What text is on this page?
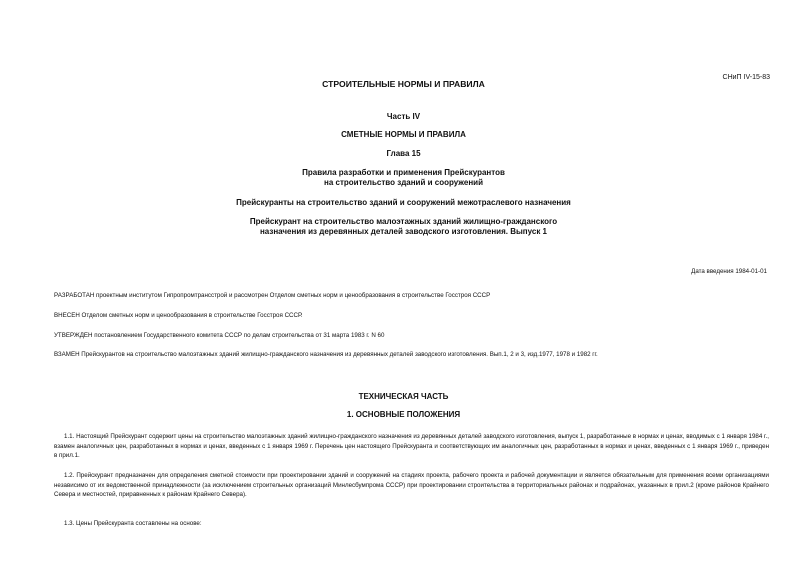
СНиП IV-15-83
СТРОИТЕЛЬНЫЕ НОРМЫ И ПРАВИЛА
Часть IV
СМЕТНЫЕ НОРМЫ И ПРАВИЛА
Глава 15
Правила разработки и применения Прейскурантов
на строительство зданий и сооружений
Прейскуранты на строительство зданий и сооружений межотраслевого назначения
Прейскурант на строительство малоэтажных зданий жилищно-гражданского
назначения из деревянных деталей заводского изготовления. Выпуск 1
Дата введения 1984-01-01
РАЗРАБОТАН проектным институтом Гипропромтрансстрой и рассмотрен Отделом сметных норм и ценообразования в строительстве Госстроя СССР
ВНЕСЕН Отделом сметных норм и ценообразования в строительстве Госстроя СССР.
УТВЕРЖДЕН постановлением Государственного комитета СССР по делам строительства от 31 марта 1983 г. N 60
ВЗАМЕН Прейскурантов на строительство малоэтажных зданий жилищно-гражданского назначения из деревянных деталей заводского изготовления. Вып.1, 2 и 3, изд.1977, 1978 и 1982 гг.
ТЕХНИЧЕСКАЯ ЧАСТЬ
1. ОСНОВНЫЕ ПОЛОЖЕНИЯ
1.1. Настоящий Прейскурант содержит цены на строительство малоэтажных зданий жилищно-гражданского назначения из деревянных деталей заводского изготовления, выпуск 1, разработанные в нормах и ценах, вводимых с 1 января 1984 г., взамен аналогичных цен, разработанных в нормах и ценах, введенных с 1 января 1969 г. Перечень цен настоящего Прейскуранта и соответствующих им аналогичных цен, разработанных в нормах и ценах, введенных с 1 января 1969 г., приведен в прил.1.
1.2. Прейскурант предназначен для определения сметной стоимости при проектировании зданий и сооружений на стадиях проекта, рабочего проекта и рабочей документации и является обязательным для применения всеми организациями независимо от их ведомственной принадлежности (за исключением строительных организаций Минлесбумпрома СССР) при проектировании строительства в территориальных районах и подрайонах, указанных в прил.2 (кроме районов Крайнего Севера и местностей, приравненных к районам Крайнего Севера).
1.3. Цены Прейскуранта составлены на основе:
